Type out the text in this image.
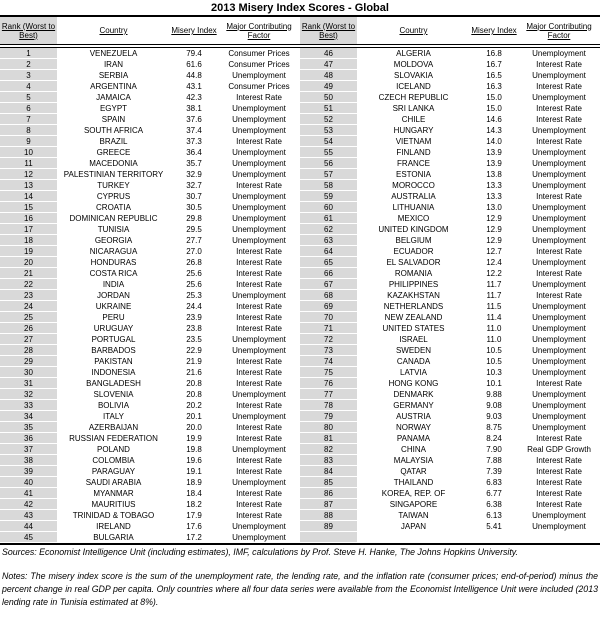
2013 Misery Index Scores - Global
Rank (Worst to Best)	Country	Misery Index	Major Contributing Factor
Rank (Worst to Best)	Country	Misery Index	Major Contributing Factor
1	VENEZUELA	79.4	Consumer Prices
2	IRAN	61.6	Consumer Prices
3	SERBIA	44.8	Unemployment
4	ARGENTINA	43.1	Consumer Prices
5	JAMAICA	42.3	Interest Rate
6	EGYPT	38.1	Unemployment
7	SPAIN	37.6	Unemployment
8	SOUTH AFRICA	37.4	Unemployment
9	BRAZIL	37.3	Interest Rate
10	GREECE	36.4	Unemployment
11	MACEDONIA	35.7	Unemployment
12	PALESTINIAN TERRITORY	32.9	Unemployment
13	TURKEY	32.7	Interest Rate
14	CYPRUS	30.7	Unemployment
15	CROATIA	30.5	Unemployment
16	DOMINICAN REPUBLIC	29.8	Unemployment
17	TUNISIA	29.5	Unemployment
18	GEORGIA	27.7	Unemployment
19	NICARAGUA	27.0	Interest Rate
20	HONDURAS	26.8	Interest Rate
21	COSTA RICA	25.6	Interest Rate
22	INDIA	25.6	Interest Rate
23	JORDAN	25.3	Unemployment
24	UKRAINE	24.4	Interest Rate
25	PERU	23.9	Interest Rate
26	URUGUAY	23.8	Interest Rate
27	PORTUGAL	23.5	Unemployment
28	BARBADOS	22.9	Unemployment
29	PAKISTAN	21.9	Interest Rate
30	INDONESIA	21.6	Interest Rate
31	BANGLADESH	20.8	Interest Rate
32	SLOVENIA	20.8	Unemployment
33	BOLIVIA	20.2	Interest Rate
34	ITALY	20.1	Unemployment
35	AZERBAIJAN	20.0	Interest Rate
36	RUSSIAN FEDERATION	19.9	Interest Rate
37	POLAND	19.8	Unemployment
38	COLOMBIA	19.6	Interest Rate
39	PARAGUAY	19.1	Interest Rate
40	SAUDI ARABIA	18.9	Unemployment
41	MYANMAR	18.4	Interest Rate
42	MAURITIUS	18.2	Interest Rate
43	TRINIDAD & TOBAGO	17.9	Interest Rate
44	IRELAND	17.6	Unemployment
45	BULGARIA	17.2	Unemployment
46	ALGERIA	16.8	Unemployment
47	MOLDOVA	16.7	Interest Rate
48	SLOVAKIA	16.5	Unemployment
49	ICELAND	16.3	Interest Rate
50	CZECH REPUBLIC	15.0	Unemployment
51	SRI LANKA	15.0	Interest Rate
52	CHILE	14.6	Interest Rate
53	HUNGARY	14.3	Unemployment
54	VIETNAM	14.0	Interest Rate
55	FINLAND	13.9	Unemployment
56	FRANCE	13.9	Unemployment
57	ESTONIA	13.8	Unemployment
58	MOROCCO	13.3	Unemployment
59	AUSTRALIA	13.3	Interest Rate
60	LITHUANIA	13.0	Unemployment
61	MEXICO	12.9	Unemployment
62	UNITED KINGDOM	12.9	Unemployment
63	BELGIUM	12.9	Unemployment
64	ECUADOR	12.7	Interest Rate
65	EL SALVADOR	12.4	Unemployment
66	ROMANIA	12.2	Interest Rate
67	PHILIPPINES	11.7	Unemployment
68	KAZAKHSTAN	11.7	Interest Rate
69	NETHERLANDS	11.5	Unemployment
70	NEW ZEALAND	11.4	Unemployment
71	UNITED STATES	11.0	Unemployment
72	ISRAEL	11.0	Unemployment
73	SWEDEN	10.5	Unemployment
74	CANADA	10.5	Unemployment
75	LATVIA	10.3	Unemployment
76	HONG KONG	10.1	Interest Rate
77	DENMARK	9.88	Unemployment
78	GERMANY	9.08	Unemployment
79	AUSTRIA	9.03	Unemployment
80	NORWAY	8.75	Unemployment
81	PANAMA	8.24	Interest Rate
82	CHINA	7.90	Real GDP Growth
83	MALAYSIA	7.88	Interest Rate
84	QATAR	7.39	Interest Rate
85	THAILAND	6.83	Interest Rate
86	KOREA, REP. OF	6.77	Interest Rate
87	SINGAPORE	6.38	Interest Rate
88	TAIWAN	6.13	Unemployment
89	JAPAN	5.41	Unemployment
Sources: Economist Intelligence Unit (including estimates), IMF, calculations by Prof. Steve H. Hanke, The Johns Hopkins University.
Notes: The misery index score is the sum of the unemployment rate, the lending rate, and the inflation rate (consumer prices; end-of-period) minus the percent change in real GDP per capita. Only countries where all four data series were available from the Economist Intelligence Unit were included (2013 lending rate in Tunisia estimated at 8%).
